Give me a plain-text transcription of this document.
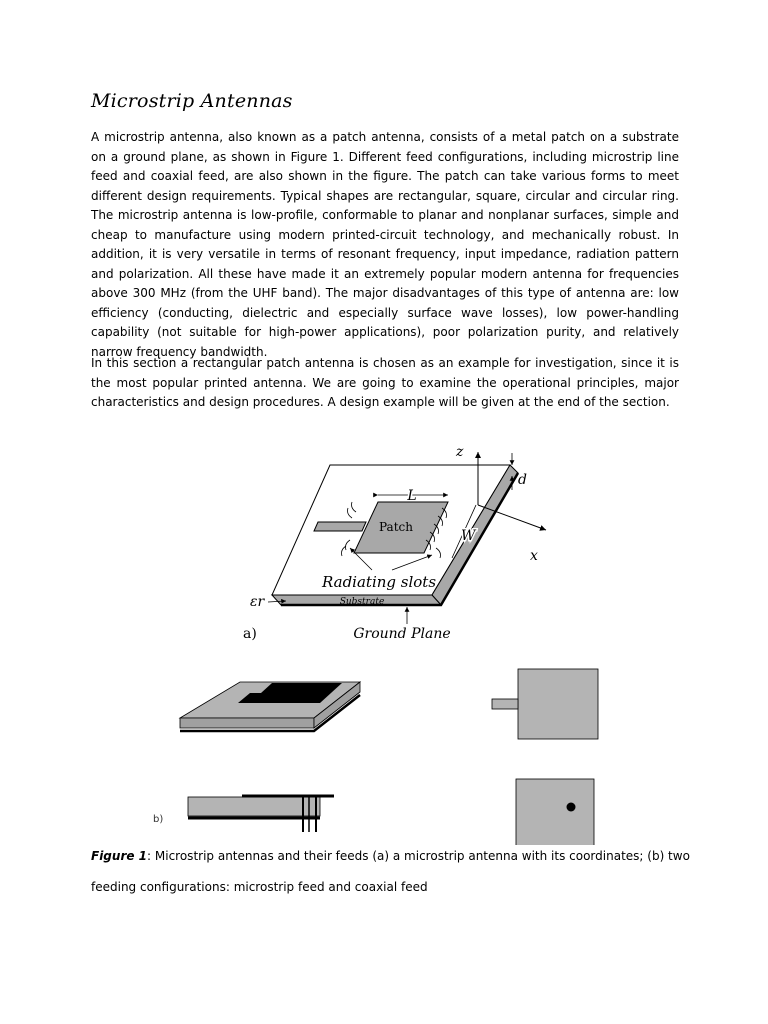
Microstrip Antennas

A microstrip antenna, also known as a patch antenna, consists of a metal patch on a substrate on a ground plane, as shown in Figure 1. Different feed configurations, including microstrip line feed and coaxial feed, are also shown in the figure. The patch can take various forms to meet different design requirements. Typical shapes are rectangular, square, circular and circular ring. The microstrip antenna is low-profile, conformable to planar and nonplanar surfaces, simple and cheap to manufacture using modern printed-circuit technology, and mechanically robust. In addition, it is very versatile in terms of resonant frequency, input impedance, radiation pattern and polarization. All these have made it an extremely popular modern antenna for frequencies above 300 MHz (from the UHF band). The major disadvantages of this type of antenna are: low efficiency (conducting, dielectric and especially surface wave losses), low power-handling capability (not suitable for high-power applications), poor polarization purity, and relatively narrow frequency bandwidth.

In this section a rectangular patch antenna is chosen as an example for investigation, since it is the most popular printed antenna. We are going to examine the operational principles, major characteristics and design procedures. A design example will be given at the end of the section.

L
W
Patch
z
x
d
Radiating slots
εr	Substrate
Ground Plane
a)
b)

Figure 1: Microstrip antennas and their feeds (a) a microstrip antenna with its coordinates; (b) two

feeding configurations: microstrip feed and coaxial feed
